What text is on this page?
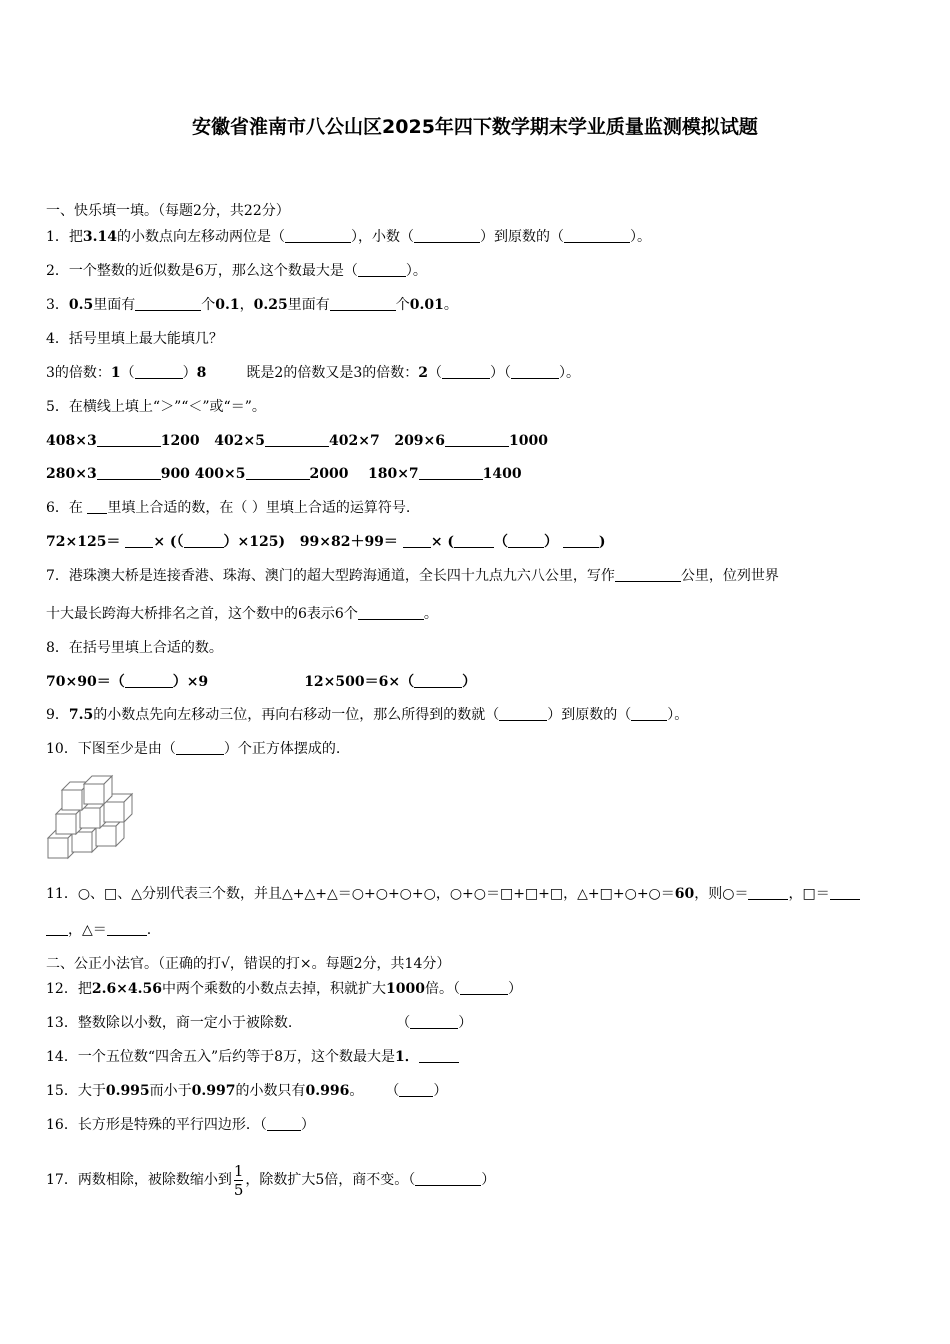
安徽省淮南市八公山区2025年四下数学期末学业质量监测模拟试题
一、快乐填一填。（每题2分，共22分）
1．把3.14的小数点向左移动两位是（	），小数（	）到原数的（	）。
2．一个整数的近似数是6万，那么这个数最大是（	）。
3．0.5里面有	个0.1，0.25里面有	个0.01。
4．括号里填上最大能填几？
3的倍数：1（	）8	既是2的倍数又是3的倍数：2（	）（	）。
5．在横线上填上“＞”“＜”或“＝”。
408×3	1200 402×5	402×7 209×6	1000
280×3	900 400×5	2000 180×7	1400
6．在 里填上合适的数，在（ ）里填上合适的运算符号.
72×125＝ × (（	）×125) 99×82＋99＝ × (	（	）	)
7．港珠澳大桥是连接香港、珠海、澳门的超大型跨海通道，全长四十九点九六八公里，写作	公里，位列世界
十大最长跨海大桥排名之首，这个数中的6表示6个	。
8．在括号里填上合适的数。
70×90＝（	）×9	12×500＝6×（	）
9．7.5的小数点先向左移动三位，再向右移动一位，那么所得到的数就（	）到原数的（	）。
10．下图至少是由（	）个正方体摆成的.
11．○、□、△分别代表三个数，并且△+△+△＝○+○+○+○，○+○＝□+□+□，△+□+○+○＝60，则○＝	，□＝
，△＝	.
二、公正小法官。（正确的打√，错误的打×。每题2分，共14分）
12．把2.6×4.56中两个乘数的小数点去掉，积就扩大1000倍。（	）
13．整数除以小数，商一定小于被除数.	（	）
14．一个五位数“四舍五入”后约等于8万，这个数最大是1．
15．大于0.995而小于0.997的小数只有0.996。 （ ）
16．长方形是特殊的平行四边形．（ ）
17．两数相除，被除数缩小到 $\frac{1}{5}$ ，除数扩大5倍，商不变。（	）
